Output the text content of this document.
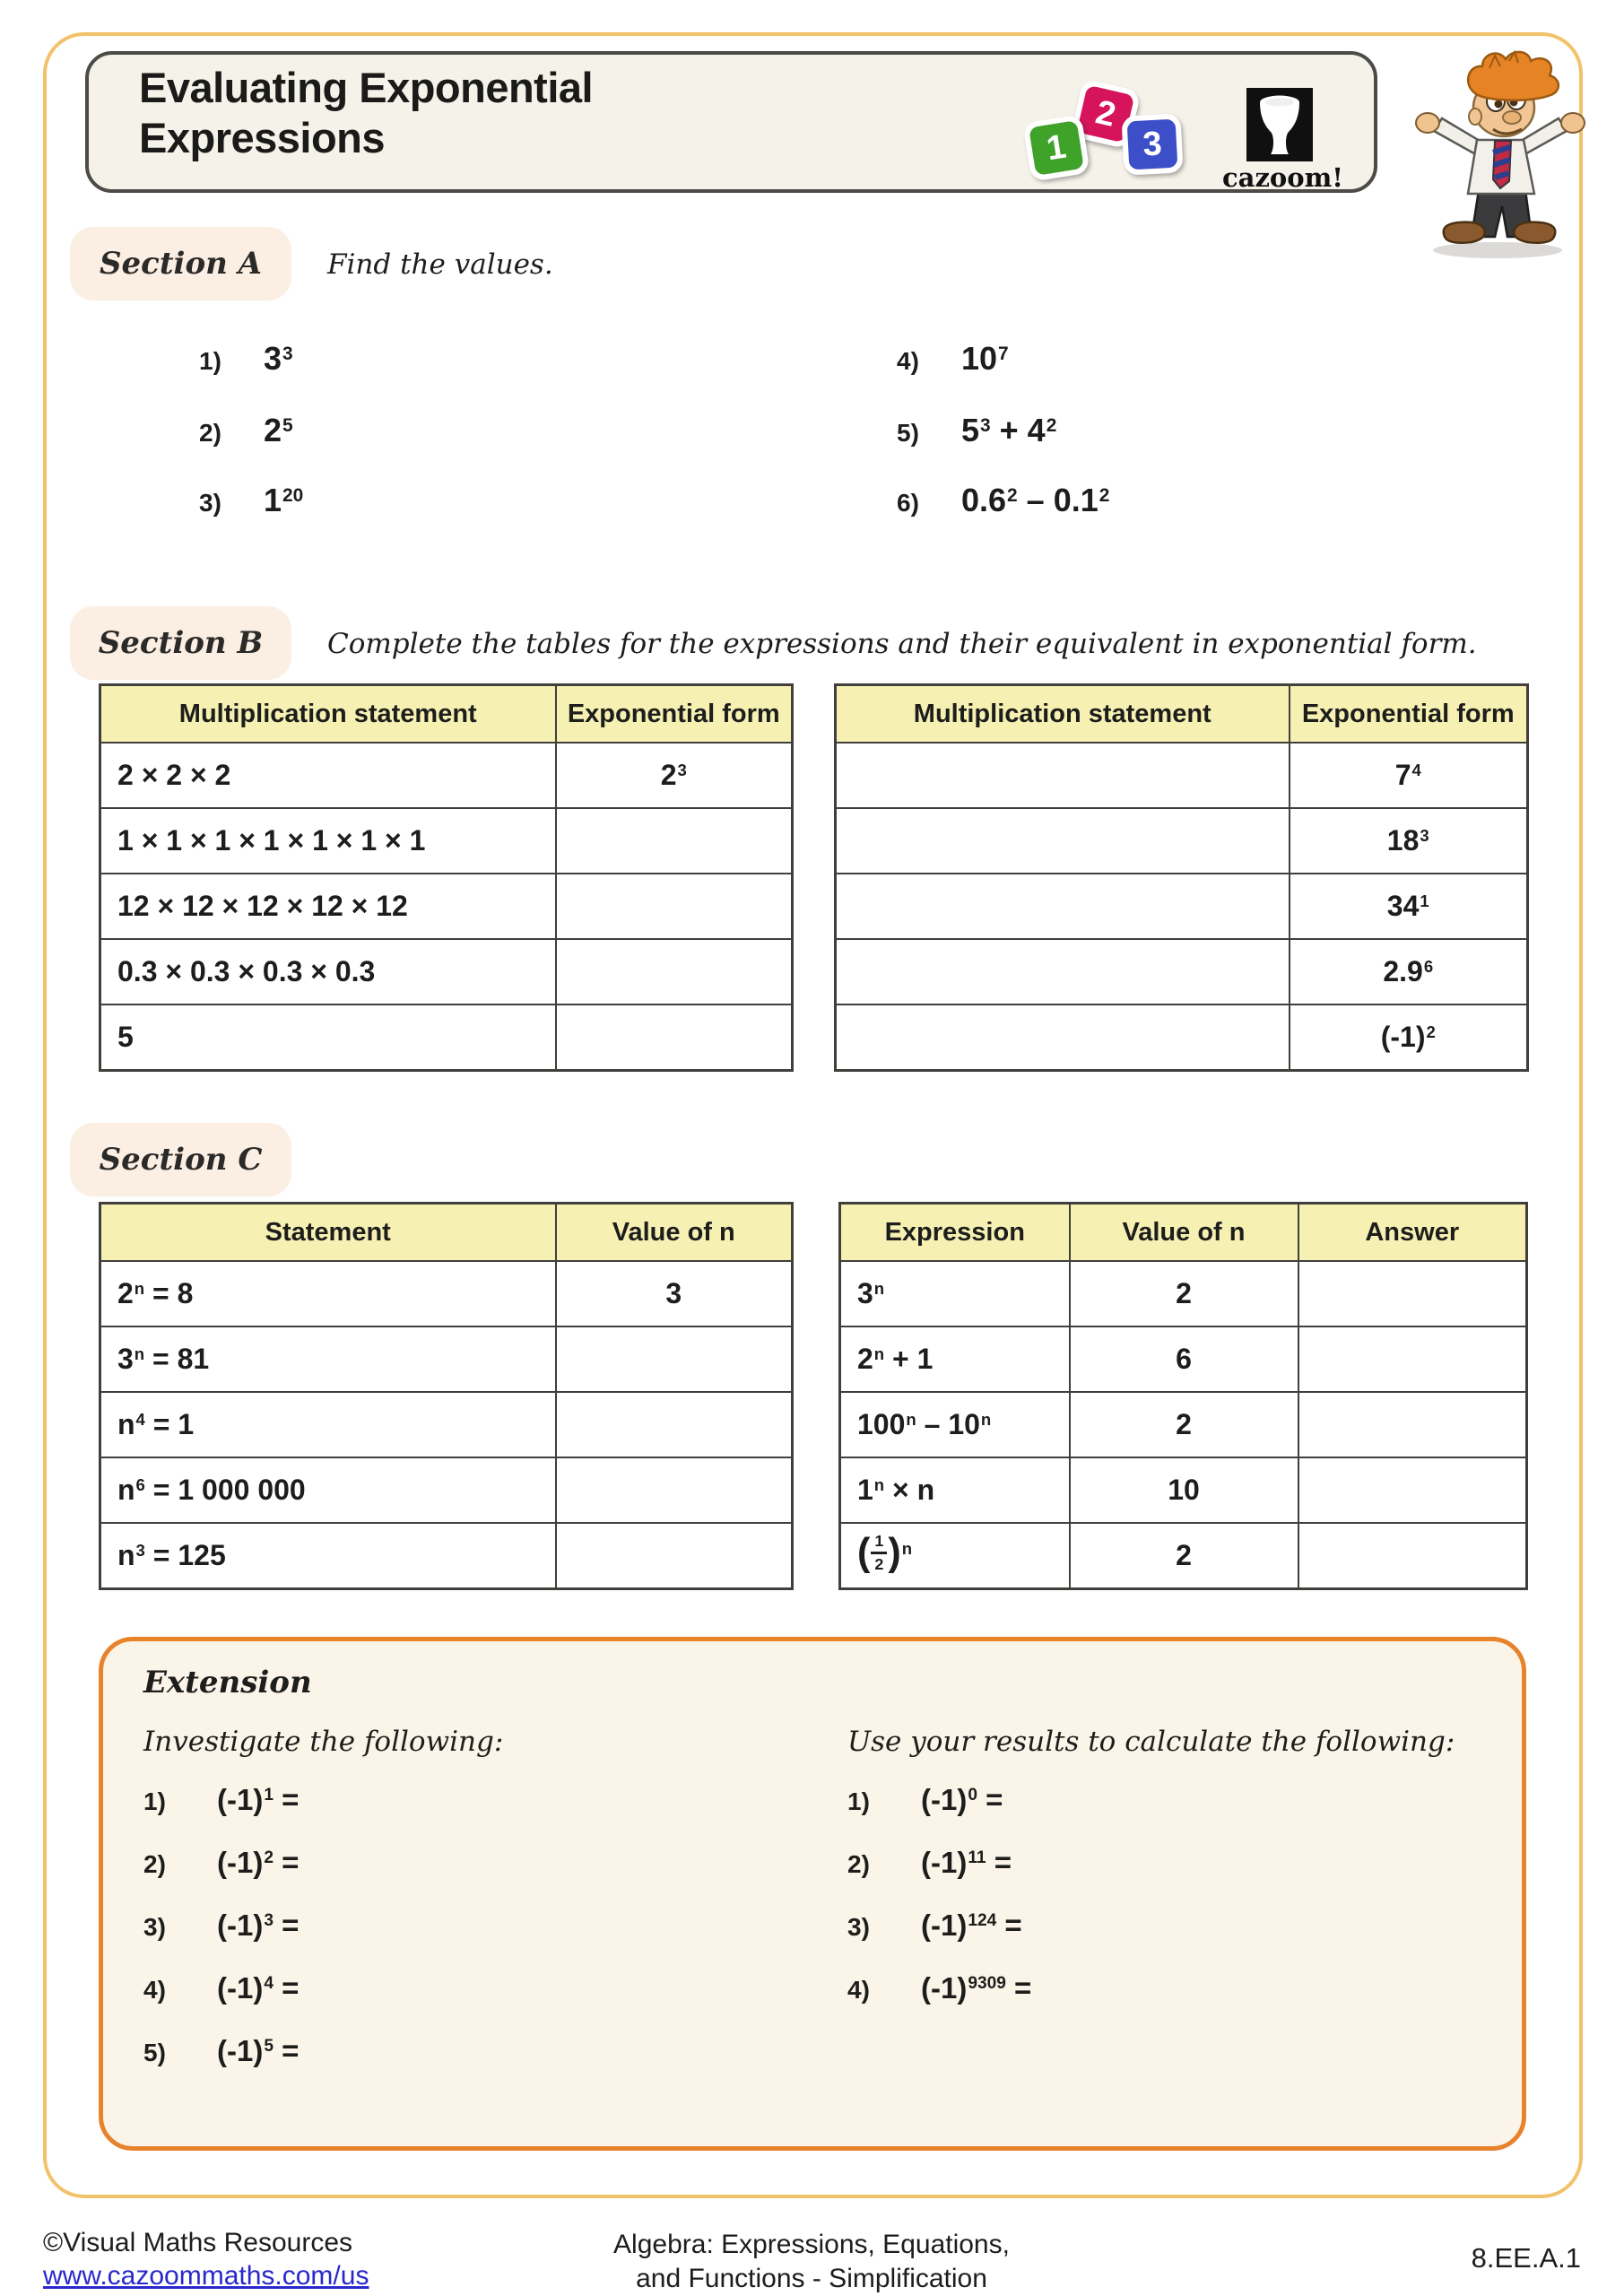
Evaluating Exponential
Expressions
2
1 3
cazoom!
Section A Find the values.
1)	$3^3$
2)	$2^5$
3)	$1^{20}$
4)	$10^7$
5)	$5^3 + 4^2$
6)	$0.6^2 - 0.1^2$
Section B Complete the tables for the expressions and their equivalent in exponential form.
Multiplication statement	Exponential form
2 × 2 × 2	$2^3$
1 × 1 × 1 × 1 × 1 × 1 × 1	
12 × 12 × 12 × 12 × 12	
0.3 × 0.3 × 0.3 × 0.3	
5	
Multiplication statement	Exponential form
	$7^4$
	$18^3$
	$34^1$
	$2.9^6$
	$(-1)^2$
Section C
Statement	Value of n
$2^n = 8$	3
$3^n = 81$	
$n^4 = 1$	
$n^6 = 1$ 000 000	
$n^3 = 125$	
Expression	Value of n	Answer
3$^n$	2	
$2^n + 1$	6	
100$^n$ – 10$^n$	2	
$1^n \times n$	10	

( $\frac{1}{2}$ ) $^n$	2	
Extension
Investigate the following:	Use your results to calculate the following:
1)	$(-1)^1$ =
2)	$(-1)^2$ =
3)	$(-1)^3$ =
4)	$(-1)^4$ =
5)	$(-1)^5$ =
1)	$(-1)^0$ =
2)	$(-1)^{11}$ =
3)	$(-1)^{124}$ =
4)	$(-1)^{9309}$ =
©Visual Maths Resources
www.cazoommaths.com/us
Algebra: Expressions, Equations,
and Functions - Simplification
8.EE.A.1
